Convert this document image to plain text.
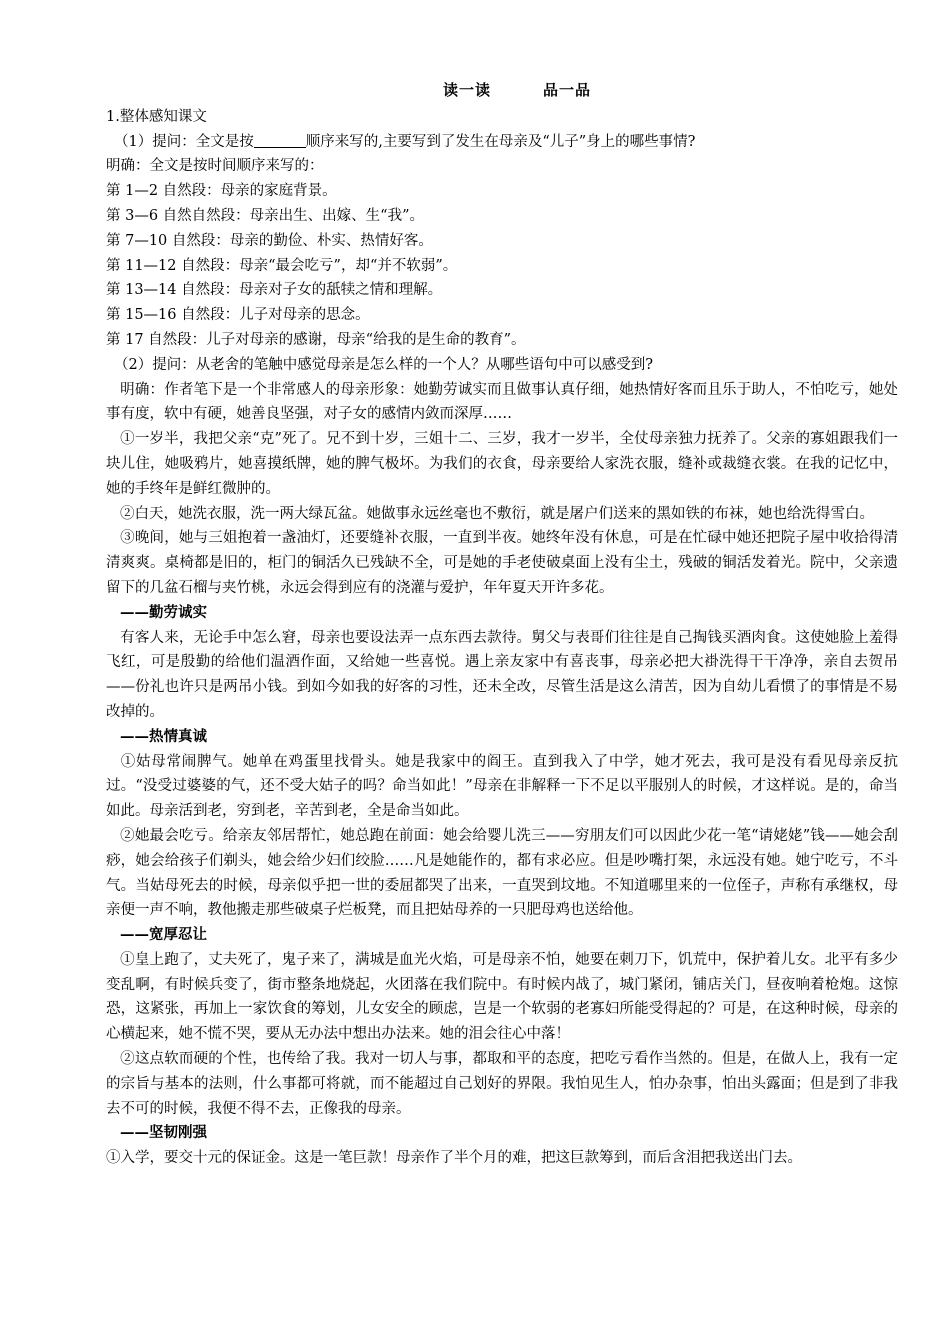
读一读	品一品

1.整体感知课文

（1）提问：全文是按	顺序来写的,主要写到了发生在母亲及“儿子”身上的哪些事情?

明确：全文是按时间顺序来写的：

第 1—2 自然段：母亲的家庭背景。

第 3—6 自然自然段：母亲出生、出嫁、生“我”。

第 7—10 自然段：母亲的勤俭、朴实、热情好客。

第 11—12 自然段：母亲“最会吃亏”，却“并不软弱”。

第 13—14 自然段：母亲对子女的舐犊之情和理解。

第 15—16 自然段：儿子对母亲的思念。

第 17 自然段：儿子对母亲的感谢，母亲“给我的是生命的教育”。

（2）提问：从老舍的笔触中感觉母亲是怎么样的一个人？从哪些语句中可以感受到?

明确：作者笔下是一个非常感人的母亲形象：她勤劳诚实而且做事认真仔细，她热情好客而且乐于助人，不怕吃亏，她处事有度，软中有硬，她善良坚强，对子女的感情内敛而深厚……

①一岁半，我把父亲“克”死了。兄不到十岁，三姐十二、三岁，我才一岁半，全仗母亲独力抚养了。父亲的寡姐跟我们一块儿住，她吸鸦片，她喜摸纸牌，她的脾气极坏。为我们的衣食，母亲要给人家洗衣服，缝补或裁缝衣裳。在我的记忆中，她的手终年是鲜红微肿的。

②白天，她洗衣服，洗一两大绿瓦盆。她做事永远丝毫也不敷衍，就是屠户们送来的黑如铁的布袜，她也给洗得雪白。

③晚间，她与三姐抱着一盏油灯，还要缝补衣服，一直到半夜。她终年没有休息，可是在忙碌中她还把院子屋中收拾得清清爽爽。桌椅都是旧的，柜门的铜活久已残缺不全，可是她的手老使破桌面上没有尘土，残破的铜活发着光。院中，父亲遗留下的几盆石榴与夹竹桃，永远会得到应有的浇灌与爱护，年年夏天开许多花。

——勤劳诚实

有客人来，无论手中怎么窘，母亲也要设法弄一点东西去款待。舅父与表哥们往往是自己掏钱买酒肉食。这使她脸上羞得飞红，可是殷勤的给他们温酒作面，又给她一些喜悦。遇上亲友家中有喜丧事，母亲必把大褂洗得干干净净，亲自去贺吊——份礼也许只是两吊小钱。到如今如我的好客的习性，还未全改，尽管生活是这么清苦，因为自幼儿看惯了的事情是不易改掉的。

——热情真诚

①姑母常闹脾气。她单在鸡蛋里找骨头。她是我家中的阎王。直到我入了中学，她才死去，我可是没有看见母亲反抗过。“没受过婆婆的气，还不受大姑子的吗？命当如此！”母亲在非解释一下不足以平服别人的时候，才这样说。是的，命当如此。母亲活到老，穷到老，辛苦到老，全是命当如此。

②她最会吃亏。给亲友邻居帮忙，她总跑在前面：她会给婴儿洗三——穷朋友们可以因此少花一笔“请姥姥”钱——她会刮痧，她会给孩子们剃头，她会给少妇们绞脸……凡是她能作的，都有求必应。但是吵嘴打架，永远没有她。她宁吃亏，不斗气。当姑母死去的时候，母亲似乎把一世的委屈都哭了出来，一直哭到坟地。不知道哪里来的一位侄子，声称有承继权，母亲便一声不响，教他搬走那些破桌子烂板凳，而且把姑母养的一只肥母鸡也送给他。

——宽厚忍让

①皇上跑了，丈夫死了，鬼子来了，满城是血光火焰，可是母亲不怕，她要在刺刀下，饥荒中，保护着儿女。北平有多少变乱啊，有时候兵变了，街市整条地烧起，火团落在我们院中。有时候内战了，城门紧闭，铺店关门，昼夜响着枪炮。这惊恐，这紧张，再加上一家饮食的筹划，儿女安全的顾虑，岂是一个软弱的老寡妇所能受得起的？可是，在这种时候，母亲的心横起来，她不慌不哭，要从无办法中想出办法来。她的泪会往心中落！

②这点软而硬的个性，也传给了我。我对一切人与事，都取和平的态度，把吃亏看作当然的。但是，在做人上，我有一定的宗旨与基本的法则，什么事都可将就，而不能超过自己划好的界限。我怕见生人，怕办杂事，怕出头露面；但是到了非我去不可的时候，我便不得不去，正像我的母亲。

——坚韧刚强

①入学，要交十元的保证金。这是一笔巨款！母亲作了半个月的难，把这巨款筹到，而后含泪把我送出门去。
